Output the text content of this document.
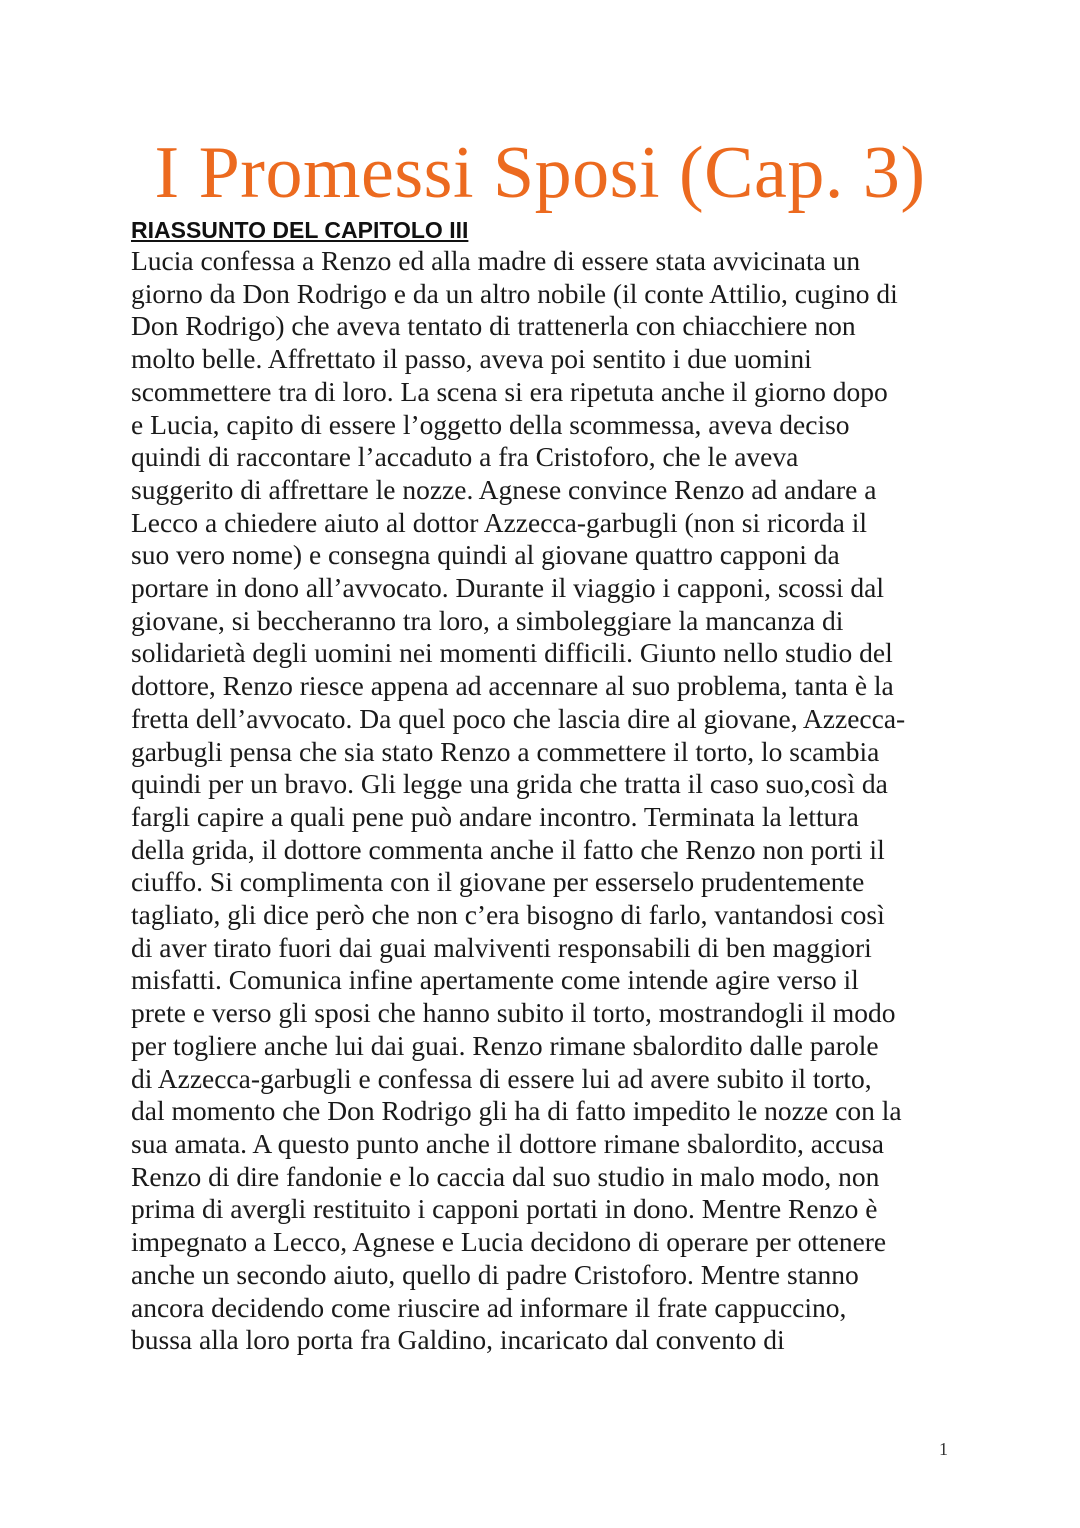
I Promessi Sposi (Cap. 3)
RIASSUNTO DEL CAPITOLO III
Lucia confessa a Renzo ed alla madre di essere stata avvicinata un
giorno da Don Rodrigo e da un altro nobile (il conte Attilio, cugino di
Don Rodrigo) che aveva tentato di trattenerla con chiacchiere non
molto belle. Affrettato il passo, aveva poi sentito i due uomini
scommettere tra di loro. La scena si era ripetuta anche il giorno dopo
e Lucia, capito di essere l’oggetto della scommessa, aveva deciso
quindi di raccontare l’accaduto a fra Cristoforo, che le aveva
suggerito di affrettare le nozze. Agnese convince Renzo ad andare a
Lecco a chiedere aiuto al dottor Azzecca-garbugli (non si ricorda il
suo vero nome) e consegna quindi al giovane quattro capponi da
portare in dono all’avvocato. Durante il viaggio i capponi, scossi dal
giovane, si beccheranno tra loro, a simboleggiare la mancanza di
solidarietà degli uomini nei momenti difficili. Giunto nello studio del
dottore, Renzo riesce appena ad accennare al suo problema, tanta è la
fretta dell’avvocato. Da quel poco che lascia dire al giovane, Azzecca-
garbugli pensa che sia stato Renzo a commettere il torto, lo scambia
quindi per un bravo. Gli legge una grida che tratta il caso suo,così da
fargli capire a quali pene può andare incontro. Terminata la lettura
della grida, il dottore commenta anche il fatto che Renzo non porti il
ciuffo. Si complimenta con il giovane per esserselo prudentemente
tagliato, gli dice però che non c’era bisogno di farlo, vantandosi così
di aver tirato fuori dai guai malviventi responsabili di ben maggiori
misfatti. Comunica infine apertamente come intende agire verso il
prete e verso gli sposi che hanno subito il torto, mostrandogli il modo
per togliere anche lui dai guai. Renzo rimane sbalordito dalle parole
di Azzecca-garbugli e confessa di essere lui ad avere subito il torto,
dal momento che Don Rodrigo gli ha di fatto impedito le nozze con la
sua amata. A questo punto anche il dottore rimane sbalordito, accusa
Renzo di dire fandonie e lo caccia dal suo studio in malo modo, non
prima di avergli restituito i capponi portati in dono. Mentre Renzo è
impegnato a Lecco, Agnese e Lucia decidono di operare per ottenere
anche un secondo aiuto, quello di padre Cristoforo. Mentre stanno
ancora decidendo come riuscire ad informare il frate cappuccino,
bussa alla loro porta fra Galdino, incaricato dal convento di
1
